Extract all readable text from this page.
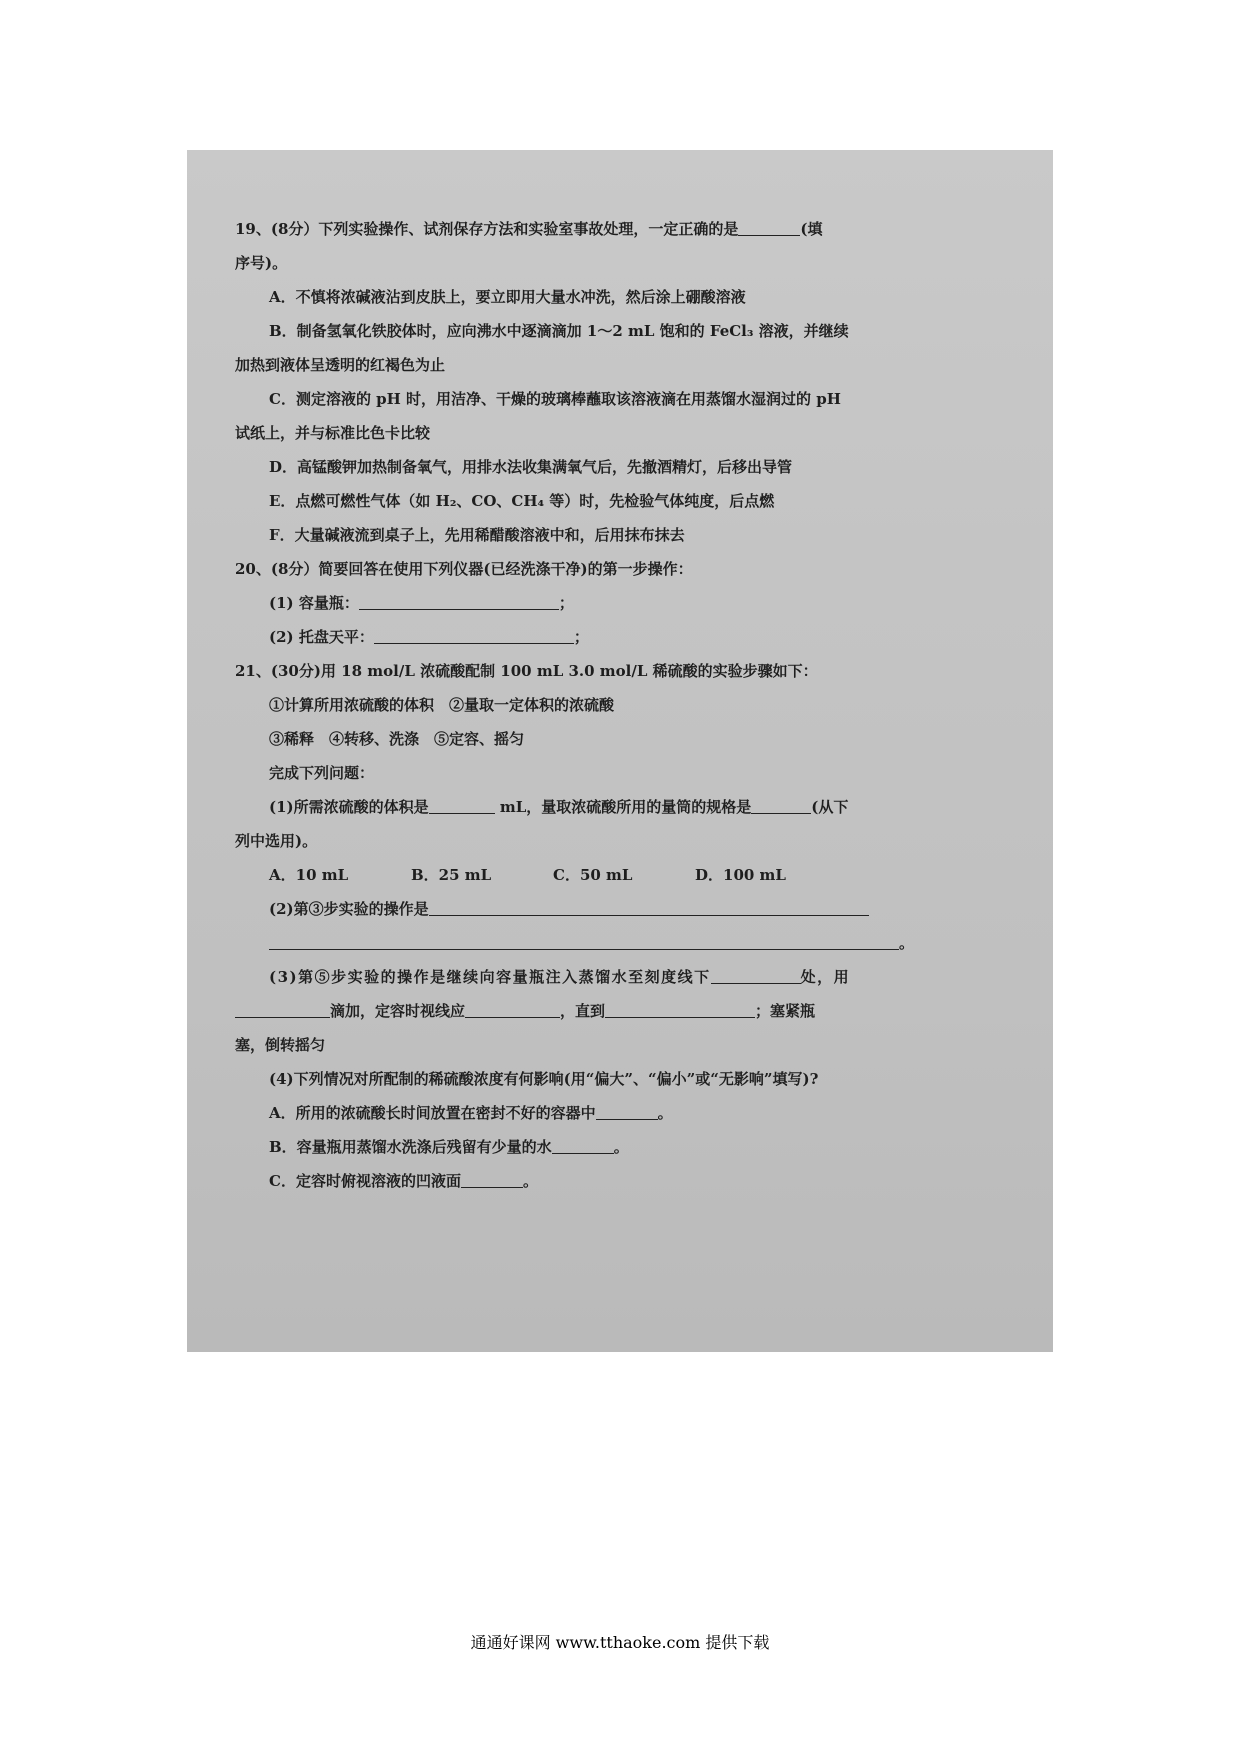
19、(8分）下列实验操作、试剂保存方法和实验室事故处理，一定正确的是	(填
序号)。
A．不慎将浓碱液沾到皮肤上，要立即用大量水冲洗，然后涂上硼酸溶液
B．制备氢氧化铁胶体时，应向沸水中逐滴滴加 1～2 mL 饱和的 FeCl₃ 溶液，并继续
加热到液体呈透明的红褐色为止
C．测定溶液的 pH 时，用洁净、干燥的玻璃棒蘸取该溶液滴在用蒸馏水湿润过的 pH
试纸上，并与标准比色卡比较
D．高锰酸钾加热制备氧气，用排水法收集满氧气后，先撤酒精灯，后移出导管
E．点燃可燃性气体（如 H₂、CO、CH₄ 等）时，先检验气体纯度，后点燃
F．大量碱液流到桌子上，先用稀醋酸溶液中和，后用抹布抹去
20、(8分）简要回答在使用下列仪器(已经洗涤干净)的第一步操作：
(1) 容量瓶：	；
(2) 托盘天平：	；
21、(30分)用 18 mol/L 浓硫酸配制 100 mL 3.0 mol/L 稀硫酸的实验步骤如下：
①计算所用浓硫酸的体积　②量取一定体积的浓硫酸
③稀释　④转移、洗涤　⑤定容、摇匀
完成下列问题：
(1)所需浓硫酸的体积是	mL，量取浓硫酸所用的量筒的规格是	(从下
列中选用)。
A．10 mL	B．25 mL	C．50 mL	D．100 mL
(2)第③步实验的操作是
。
(3)第⑤步实验的操作是继续向容量瓶注入蒸馏水至刻度线下	处，用
滴加，定容时视线应	，直到	；塞紧瓶
塞，倒转摇匀
(4)下列情况对所配制的稀硫酸浓度有何影响(用“偏大”、“偏小”或“无影响”填写)?
A．所用的浓硫酸长时间放置在密封不好的容器中	。
B．容量瓶用蒸馏水洗涤后残留有少量的水	。
C．定容时俯视溶液的凹液面	。
通通好课网 www.tthaoke.com 提供下载
